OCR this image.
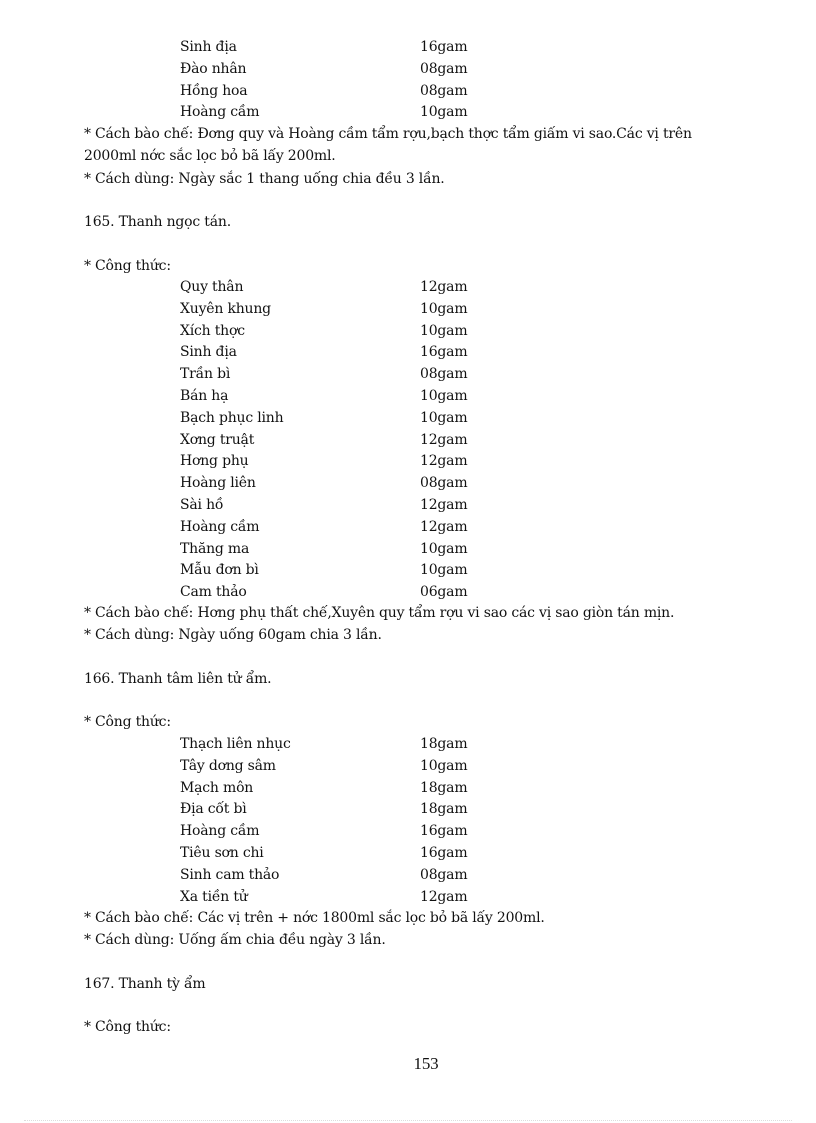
Sinh địa	16gam
Đào nhân	08gam
Hồng hoa	08gam
Hoàng cầm	10gam
* Cách bào chế: Đơng quy và Hoàng cầm tẩm rợu,bạch thợc tẩm giấm vi sao.Các vị trên
2000ml nớc sắc lọc bỏ bã lấy 200ml.
* Cách dùng: Ngày sắc 1 thang uống chia đều 3 lần.
165. Thanh ngọc tán.
* Công thức:
Quy thân	12gam
Xuyên khung	10gam
Xích thợc	10gam
Sinh địa	16gam
Trần bì	08gam
Bán hạ	10gam
Bạch phục linh	10gam
Xơng truật	12gam
Hơng phụ	12gam
Hoàng liên	08gam
Sài hồ	12gam
Hoàng cầm	12gam
Thăng ma	10gam
Mẫu đơn bì	10gam
Cam thảo	06gam
* Cách bào chế: Hơng phụ thất chế,Xuyên quy tẩm rợu vi sao các vị sao giòn tán mịn.
* Cách dùng: Ngày uống 60gam chia 3 lần.
166. Thanh tâm liên tử ẩm.
* Công thức:
Thạch liên nhục	18gam
Tây dơng sâm	10gam
Mạch môn	18gam
Địa cốt bì	18gam
Hoàng cầm	16gam
Tiêu sơn chi	16gam
Sinh cam thảo	08gam
Xa tiền tử	12gam
* Cách bào chế: Các vị trên + nớc 1800ml sắc lọc bỏ bã lấy 200ml.
* Cách dùng: Uống ấm chia đều ngày 3 lần.
167. Thanh tỳ ẩm
* Công thức:
153
